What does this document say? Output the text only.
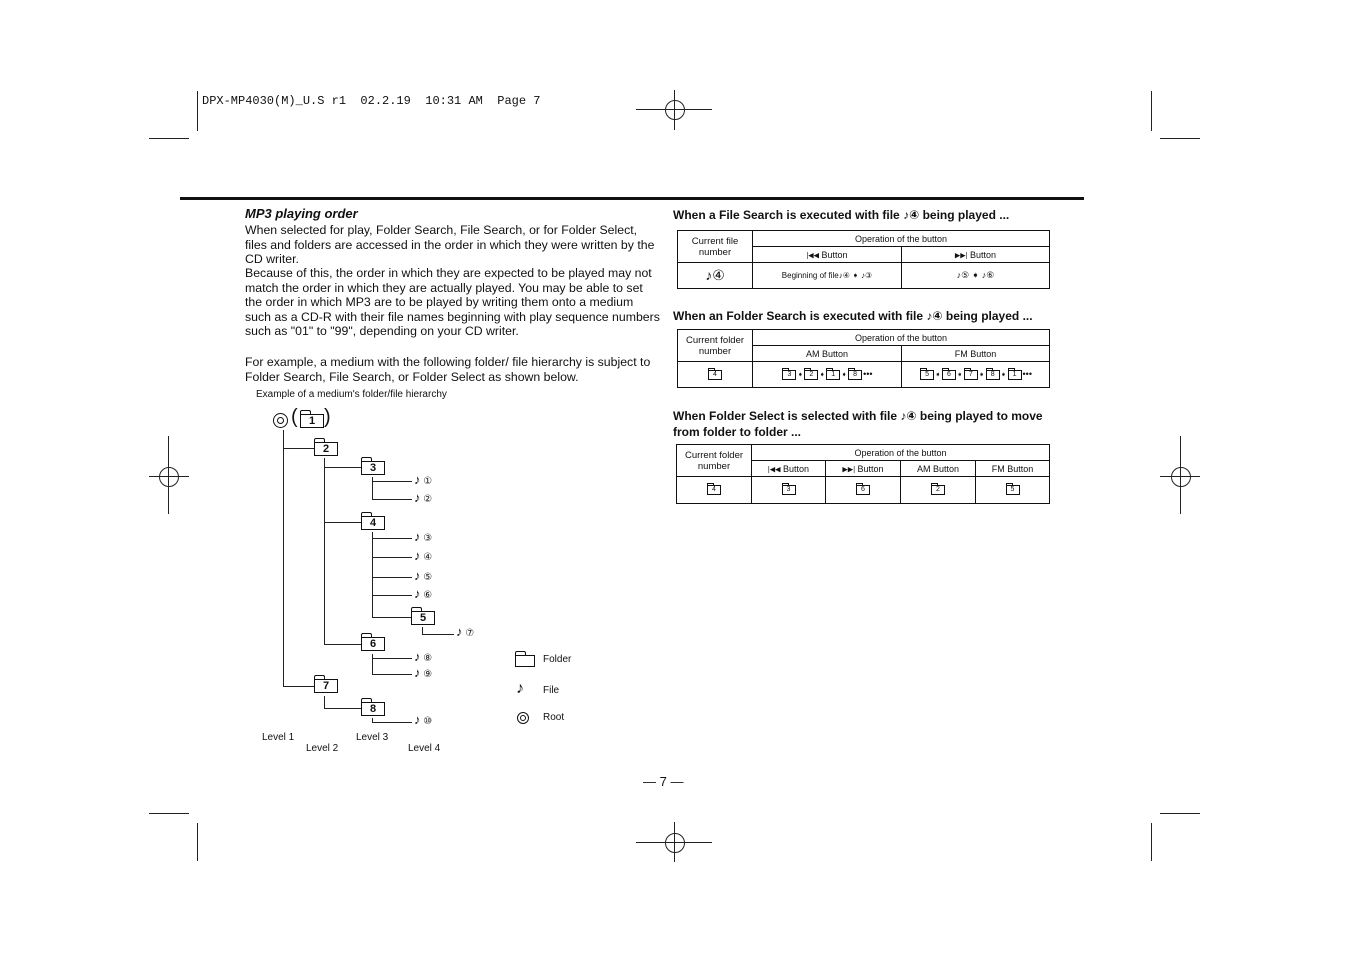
DPX-MP4030(M)_U.S r1  02.2.19  10:31 AM  Page 7
MP3 playing order
When selected for play, Folder Search, File Search, or for Folder Select, files and folders are accessed in the order in which they were written by the CD writer.
Because of this, the order in which they are expected to be played may not match the order in which they are actually played. You may be able to set the order in which MP3 are to be played by writing them onto a medium such as a CD-R with their file names beginning with play sequence numbers such as "01" to "99", depending on your CD writer.
For example, a medium with the following folder/ file hierarchy is subject to Folder Search, File Search, or Folder Select as shown below.
Example of a medium's folder/file hierarchy
(	1 )
2
3
4
5
6
7
8
♪ ①
♪ ②
♪ ③
♪ ④
♪ ⑤
♪ ⑥
♪ ⑦
♪ ⑧
♪ ⑨
♪ ⑩
Level 1
Level 2
Level 3
Level 4
Folder
♪ File
Root
When a File Search is executed with file ♪④ being played ...
Current file number	Operation of the button	
	|◀◀ Button	▶▶| Button
♪④	Beginning of file♪④ ➧ ♪③	♪⑤ ➧ ♪⑥
When an Folder Search is executed with file ♪④ being played ...
Current folder number	Operation of the button	
	AM Button	FM Button
4	3 ➧ 2 ➧ 1 ➧ 8 •••	5 ➧ 6 ➧ 7 ➧ 8 ➧ 1 •••
When Folder Select is selected with file ♪④ being played to move
from folder to folder ...
Current folder number	Operation of the button			
	|◀◀ Button	▶▶| Button	AM Button	FM Button
4	3	6	2	5
— 7 —
